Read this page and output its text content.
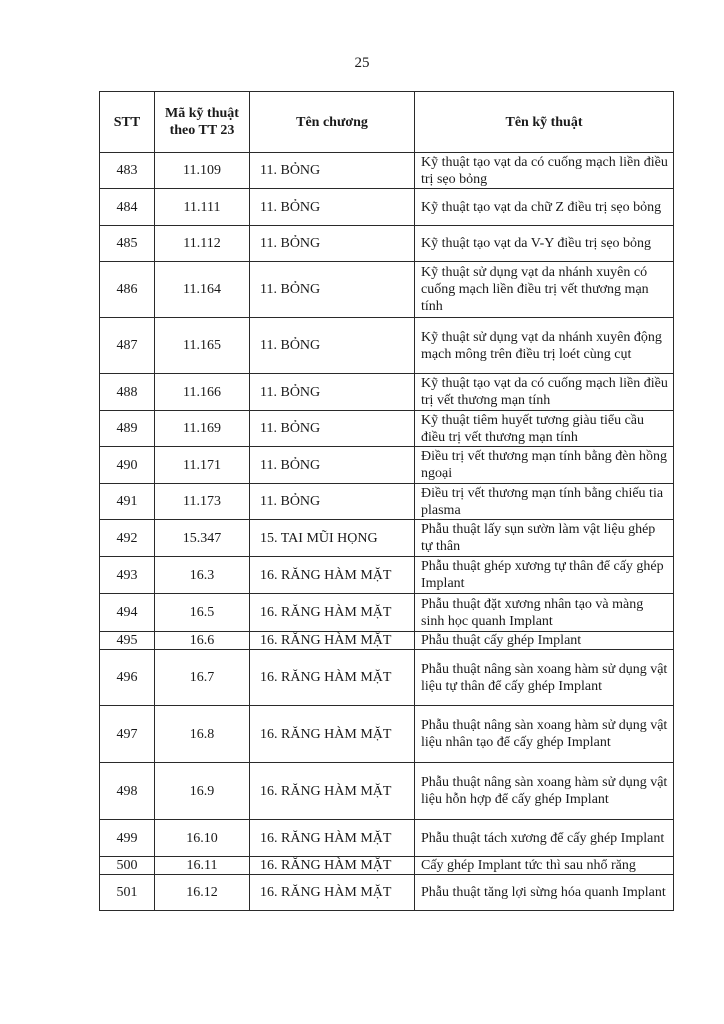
25
STT	Mã kỹ thuật theo TT 23	Tên chương	Tên kỹ thuật
483	11.109	11. BỎNG	Kỹ thuật tạo vạt da có cuống mạch liền điều trị sẹo bỏng
484	11.111	11. BỎNG	Kỹ thuật tạo vạt da chữ Z điều trị sẹo bỏng
485	11.112	11. BỎNG	Kỹ thuật tạo vạt da V-Y điều trị sẹo bỏng
486	11.164	11. BỎNG	Kỹ thuật sử dụng vạt da nhánh xuyên có cuống mạch liền điều trị vết thương mạn tính
487	11.165	11. BỎNG	Kỹ thuật sử dụng vạt da nhánh xuyên động mạch mông trên điều trị loét cùng cụt
488	11.166	11. BỎNG	Kỹ thuật tạo vạt da có cuống mạch liền điều trị vết thương mạn tính
489	11.169	11. BỎNG	Kỹ thuật tiêm huyết tương giàu tiểu cầu điều trị vết thương mạn tính
490	11.171	11. BỎNG	Điều trị vết thương mạn tính bằng đèn hồng ngoại
491	11.173	11. BỎNG	Điều trị vết thương mạn tính bằng chiếu tia plasma
492	15.347	15. TAI MŨI HỌNG	Phẫu thuật lấy sụn sườn làm vật liệu ghép tự thân
493	16.3	16. RĂNG HÀM MẶT	Phẫu thuật ghép xương tự thân để cấy ghép Implant
494	16.5	16. RĂNG HÀM MẶT	Phẫu thuật đặt xương nhân tạo và màng sinh học quanh Implant
495	16.6	16. RĂNG HÀM MẶT	Phẫu thuật cấy ghép Implant
496	16.7	16. RĂNG HÀM MẶT	Phẫu thuật nâng sàn xoang hàm sử dụng vật liệu tự thân để cấy ghép Implant
497	16.8	16. RĂNG HÀM MẶT	Phẫu thuật nâng sàn xoang hàm sử dụng vật liệu nhân tạo để cấy ghép Implant
498	16.9	16. RĂNG HÀM MẶT	Phẫu thuật nâng sàn xoang hàm sử dụng vật liệu hỗn hợp để cấy ghép Implant
499	16.10	16. RĂNG HÀM MẶT	Phẫu thuật tách xương để cấy ghép Implant
500	16.11	16. RĂNG HÀM MẶT	Cấy ghép Implant tức thì sau nhổ răng
501	16.12	16. RĂNG HÀM MẶT	Phẫu thuật tăng lợi sừng hóa quanh Implant
